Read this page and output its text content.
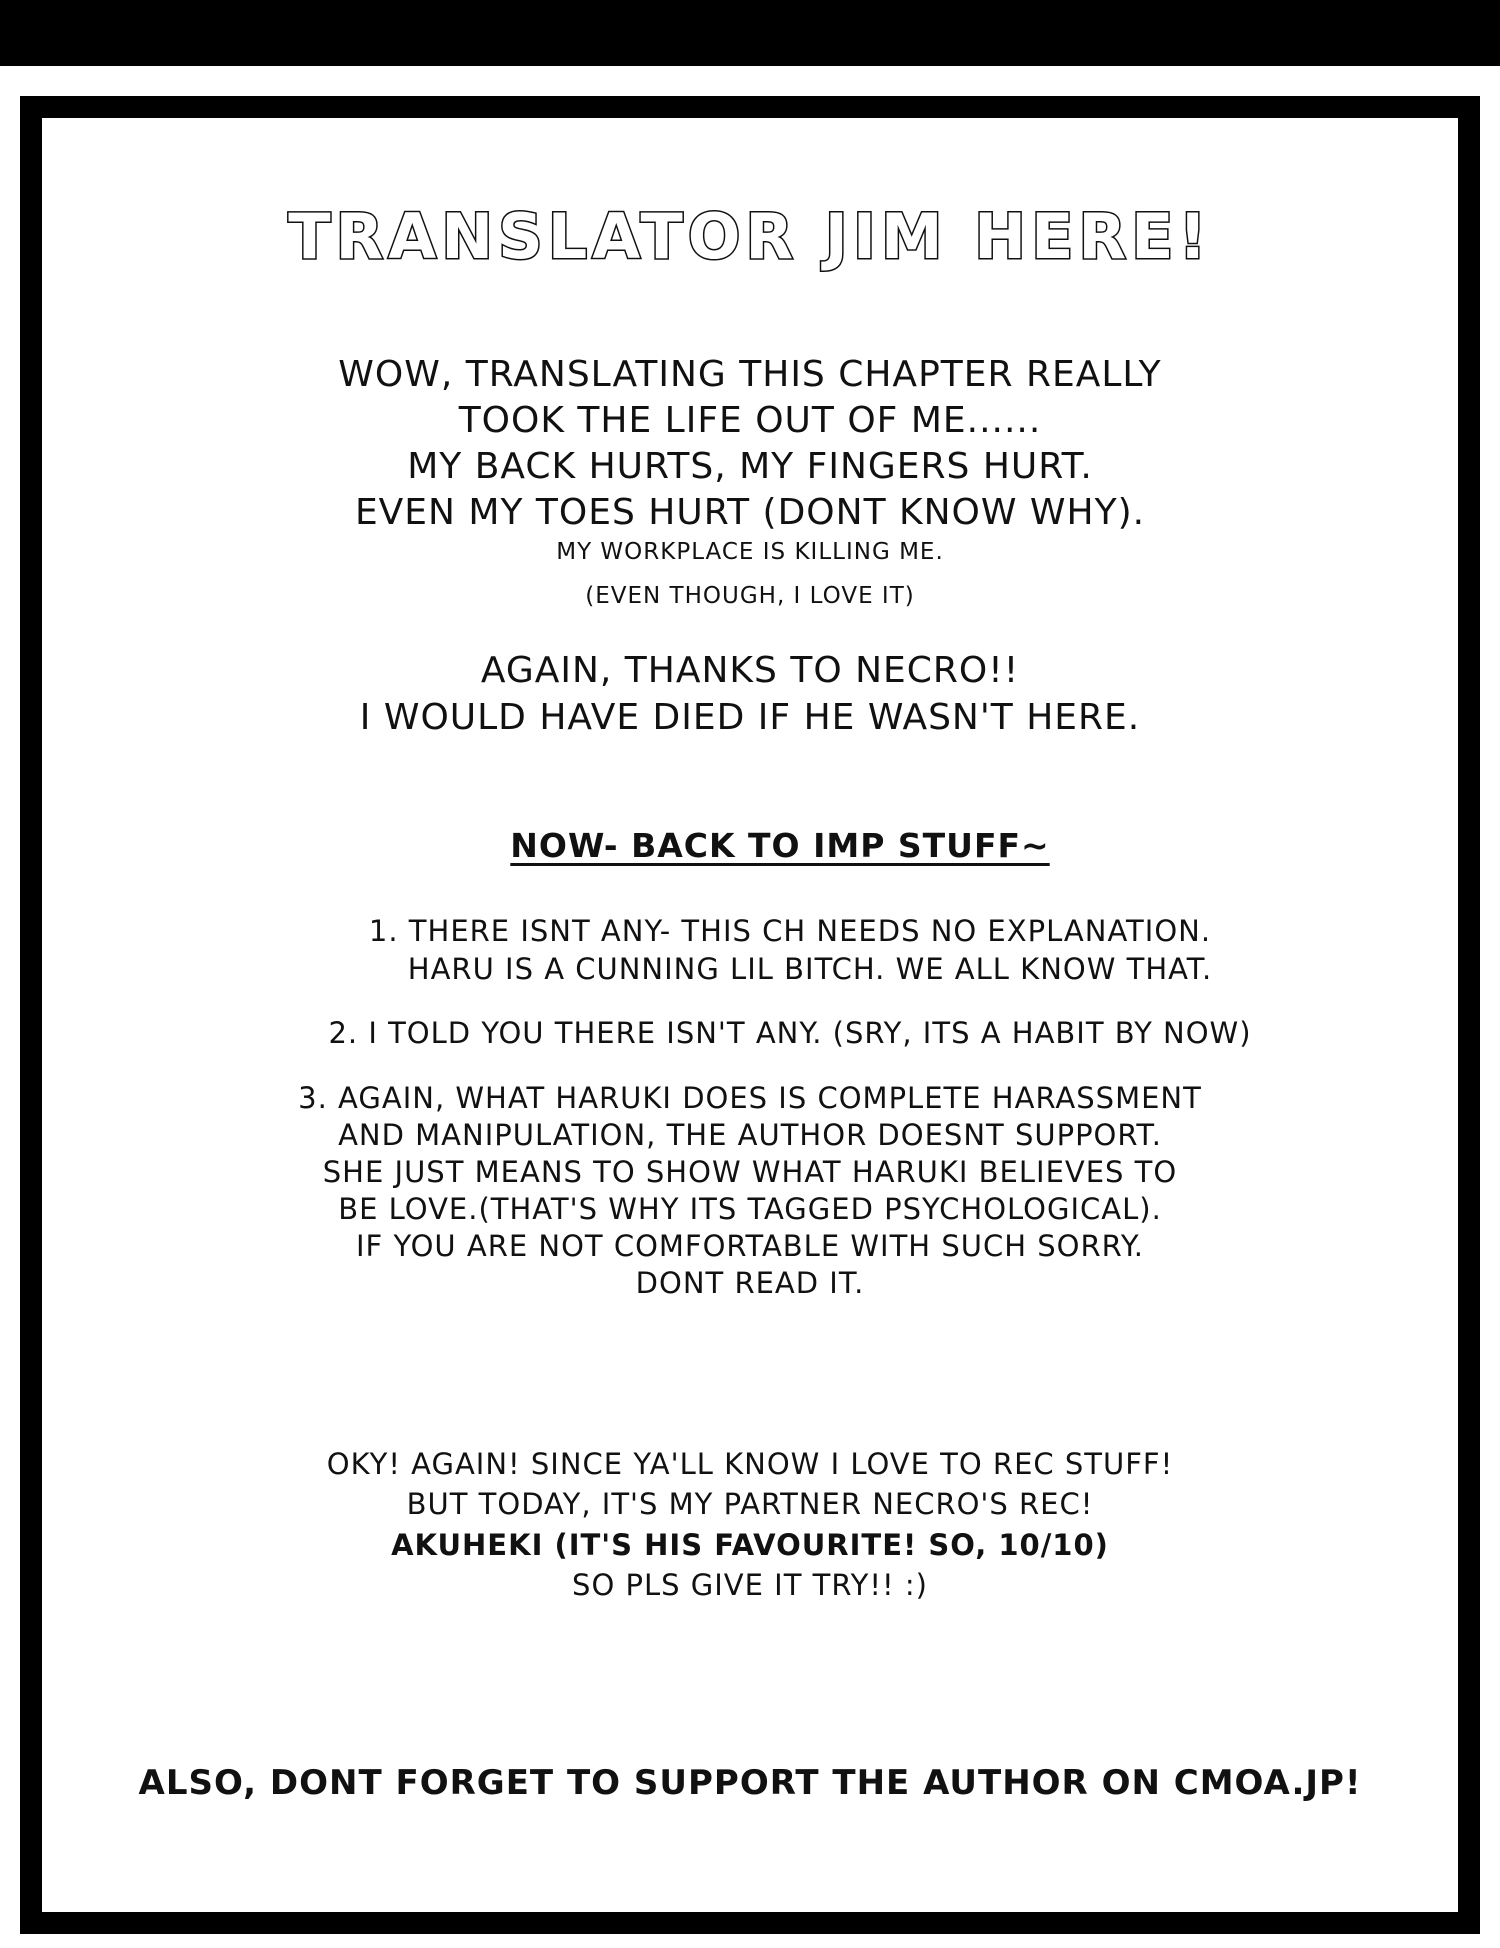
TRANSLATOR JIM HERE!
WOW, TRANSLATING THIS CHAPTER REALLY
TOOK THE LIFE OUT OF ME......
MY BACK HURTS, MY FINGERS HURT.
EVEN MY TOES HURT (DONT KNOW WHY).
MY WORKPLACE IS KILLING ME.
(EVEN THOUGH, I LOVE IT)
AGAIN, THANKS TO NECRO!!
I WOULD HAVE DIED IF HE WASN'T HERE.
NOW- BACK TO IMP STUFF~
1. THERE ISNT ANY- THIS CH NEEDS NO EXPLANATION.
HARU IS A CUNNING LIL BITCH. WE ALL KNOW THAT.
2. I TOLD YOU THERE ISN'T ANY. (SRY, ITS A HABIT BY NOW)
3. AGAIN, WHAT HARUKI DOES IS COMPLETE HARASSMENT
AND MANIPULATION, THE AUTHOR DOESNT SUPPORT.
SHE JUST MEANS TO SHOW WHAT HARUKI BELIEVES TO
BE LOVE.(THAT'S WHY ITS TAGGED PSYCHOLOGICAL).
IF YOU ARE NOT COMFORTABLE WITH SUCH SORRY.
DONT READ IT.
OKY! AGAIN! SINCE YA'LL KNOW I LOVE TO REC STUFF!
BUT TODAY, IT'S MY PARTNER NECRO'S REC!
AKUHEKI (IT'S HIS FAVOURITE! SO, 10/10)
SO PLS GIVE IT TRY!! :)
ALSO, DONT FORGET TO SUPPORT THE AUTHOR ON CMOA.JP!
